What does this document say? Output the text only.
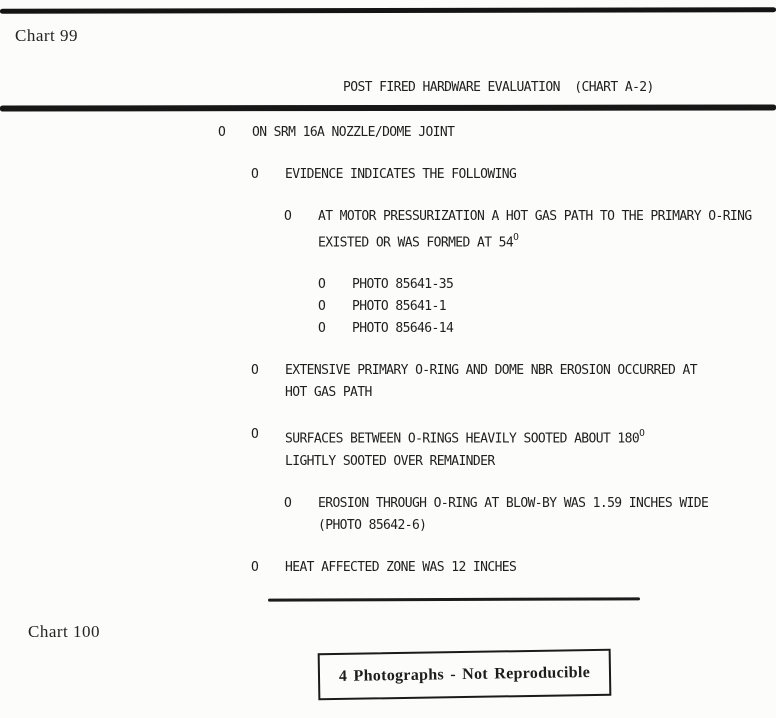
Chart 99
POST FIRED HARDWARE EVALUATION  (CHART A-2)
O	ON SRM 16A NOZZLE/DOME JOINT
O	EVIDENCE INDICATES THE FOLLOWING
O	AT MOTOR PRESSURIZATION A HOT GAS PATH TO THE PRIMARY O-RING
EXISTED OR WAS FORMED AT $54^O$
O	PHOTO 85641-35
O	PHOTO 85641-1
O	PHOTO 85646-14
O	EXTENSIVE PRIMARY O-RING AND DOME NBR EROSION OCCURRED AT
HOT GAS PATH
O	SURFACES BETWEEN O-RINGS HEAVILY SOOTED ABOUT $180^O$
LIGHTLY SOOTED OVER REMAINDER
O	EROSION THROUGH O-RING AT BLOW-BY WAS 1.59 INCHES WIDE
(PHOTO 85642-6)
O	HEAT AFFECTED ZONE WAS 12 INCHES
Chart 100
4 Photographs - Not Reproducible
